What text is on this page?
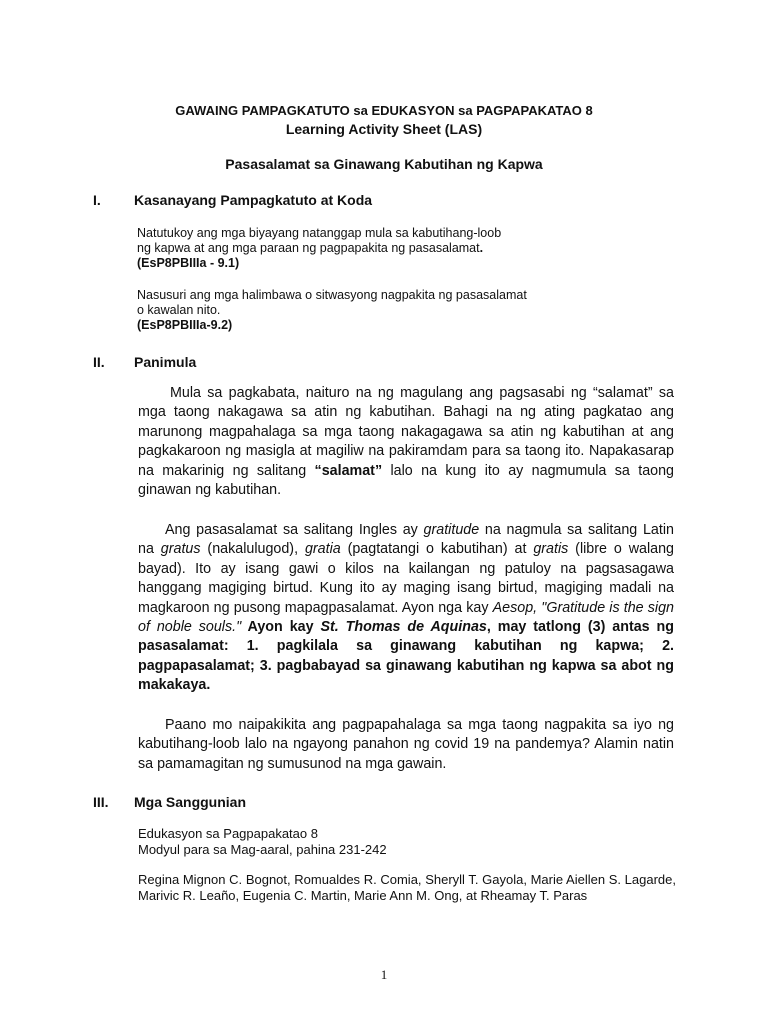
GAWAING PAMPAGKATUTO sa EDUKASYON sa PAGPAPAKATAO 8
Learning Activity Sheet (LAS)
Pasasalamat sa Ginawang Kabutihan ng Kapwa
I. Kasanayang Pampagkatuto at Koda
Natutukoy ang mga biyayang natanggap mula sa kabutihang-loob
ng kapwa at ang mga paraan ng pagpapakita ng pasasalamat.
(EsP8PBIIIa - 9.1)
Nasusuri ang mga halimbawa o sitwasyong nagpakita ng pasasalamat
o kawalan nito.
(EsP8PBIIIa-9.2)
II. Panimula

Mula sa pagkabata, naituro na ng magulang ang pagsasabi ng “salamat” sa mga taong nakagawa sa atin ng kabutihan. Bahagi na ng ating pagkatao ang marunong magpahalaga sa mga taong nakagagawa sa atin ng kabutihan at ang pagkakaroon ng masigla at magiliw na pakiramdam para sa taong ito. Napakasarap na makarinig ng salitang “salamat” lalo na kung ito ay nagmumula sa taong ginawan ng kabutihan.

Ang pasasalamat sa salitang Ingles ay gratitude na nagmula sa salitang Latin na gratus (nakalulugod), gratia (pagtatangi o kabutihan) at gratis (libre o walang bayad). Ito ay isang gawi o kilos na kailangan ng patuloy na pagsasagawa hanggang magiging birtud. Kung ito ay maging isang birtud, magiging madali na magkaroon ng pusong mapagpasalamat. Ayon nga kay Aesop, "Gratitude is the sign of noble souls." Ayon kay St. Thomas de Aquinas, may tatlong (3) antas ng pasasalamat: 1. pagkilala sa ginawang kabutihan ng kapwa; 2. pagpapasalamat; 3. pagbabayad sa ginawang kabutihan ng kapwa sa abot ng makakaya.

Paano mo naipakikita ang pagpapahalaga sa mga taong nagpakita sa iyo ng kabutihang-loob lalo na ngayong panahon ng covid 19 na pandemya? Alamin natin sa pamamagitan ng sumusunod na mga gawain.

III. Mga Sanggunian
Edukasyon sa Pagpapakatao 8
Modyul para sa Mag-aaral, pahina 231-242
Regina Mignon C. Bognot, Romualdes R. Comia, Sheryll T. Gayola, Marie Aiellen S. Lagarde, Marivic R. Leaño, Eugenia C. Martin, Marie Ann M. Ong, at Rheamay T. Paras
1
